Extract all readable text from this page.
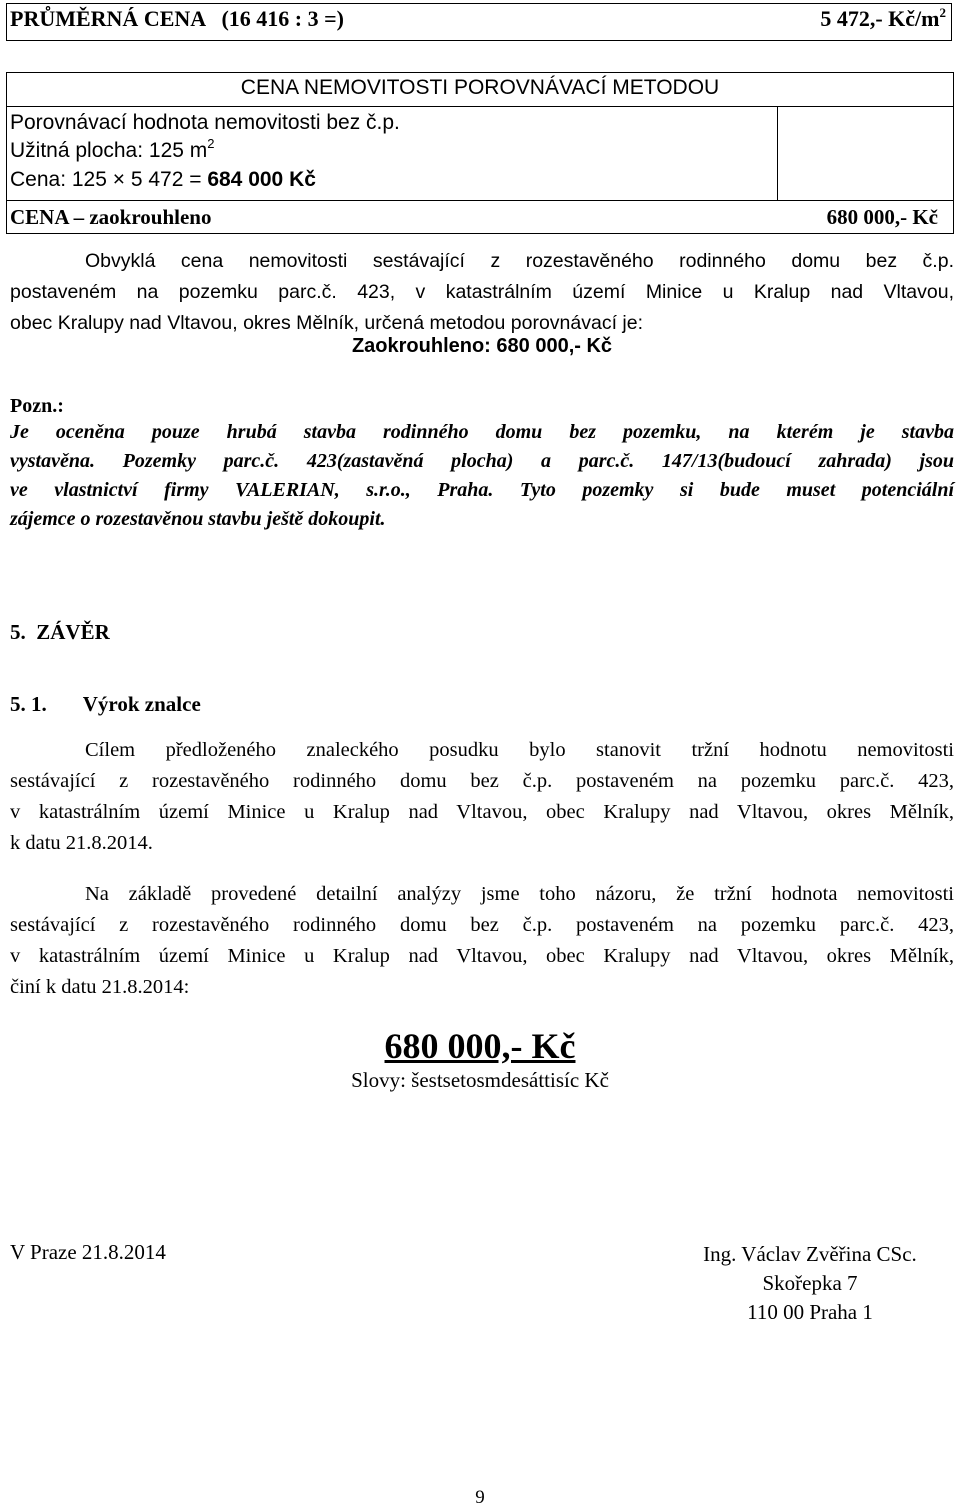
PRŮMĚRNÁ CENA   (16 416 : 3 =)	5 472,- $Kč/m^2$
CENA NEMOVITOSTI POROVNÁVACÍ METODOU
Porovnávací hodnota nemovitosti bez č.p.
Užitná plocha: 125 $m^2$
Cena: 125 × 5 472 = 684 000 Kč
CENA – zaokrouhleno	680 000,- Kč
Obvyklá cena nemovitosti sestávající z rozestavěného rodinného domu bez č.p.
postaveném na pozemku parc.č. 423, v katastrálním území Minice u Kralup nad Vltavou,
obec Kralupy nad Vltavou, okres Mělník, určená metodou porovnávací je:
Zaokrouhleno: 680 000,- Kč
Pozn.:
Je oceněna pouze hrubá stavba rodinného domu bez pozemku, na kterém je stavba
vystavěna. Pozemky parc.č. 423(zastavěná plocha) a parc.č. 147/13(budoucí zahrada) jsou
ve vlastnictví firmy VALERIAN, s.r.o., Praha. Tyto pozemky si bude muset potenciální
zájemce o rozestavěnou stavbu ještě dokoupit.
5.  ZÁVĚR
5. 1. Výrok znalce
Cílem předloženého znaleckého posudku bylo stanovit tržní hodnotu nemovitosti
sestávající z rozestavěného rodinného domu bez č.p. postaveném na pozemku parc.č. 423,
v katastrálním území Minice u Kralup nad Vltavou, obec Kralupy nad Vltavou, okres Mělník,
k datu 21.8.2014.
Na základě provedené detailní analýzy jsme toho názoru, že tržní hodnota nemovitosti
sestávající z rozestavěného rodinného domu bez č.p. postaveném na pozemku parc.č. 423,
v katastrálním území Minice u Kralup nad Vltavou, obec Kralupy nad Vltavou, okres Mělník,
činí k datu 21.8.2014:
680 000,- Kč
Slovy: šestsetosmdesáttisíc Kč
V Praze 21.8.2014	Ing. Václav Zvěřina CSc.
Skořepka 7
110 00 Praha 1
9
